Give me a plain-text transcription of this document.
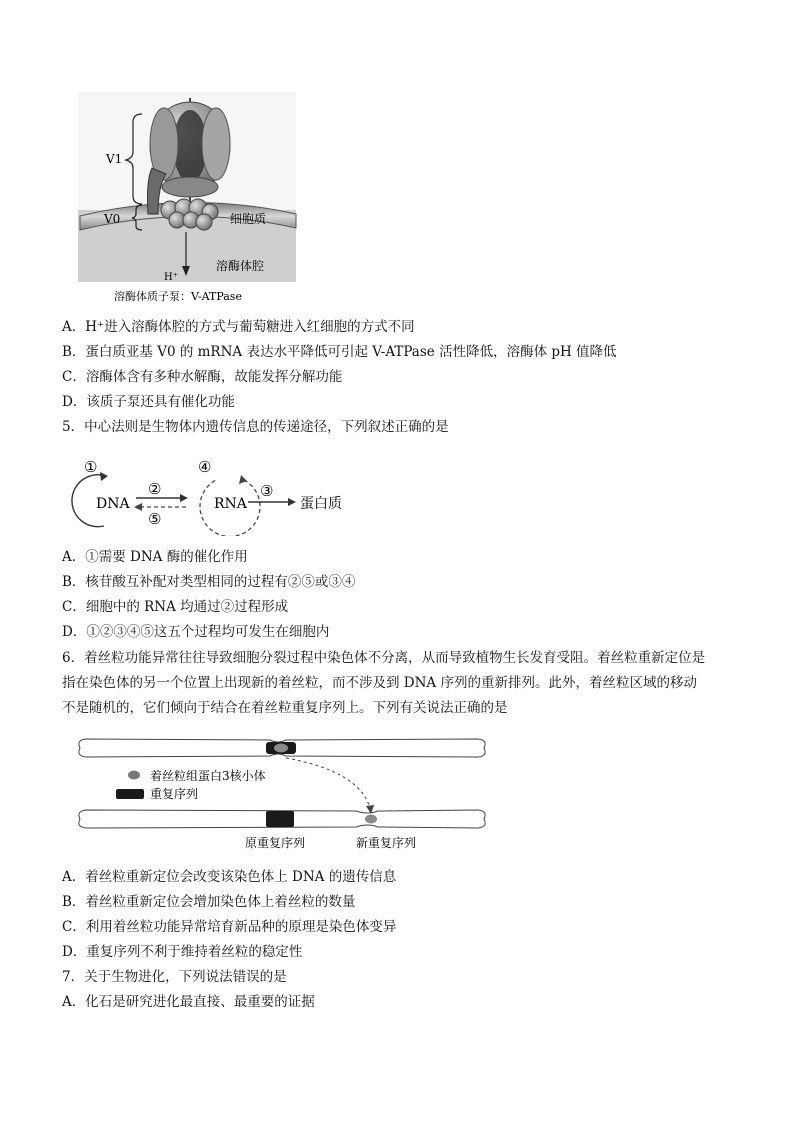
V1
V0	细胞质
溶酶体腔
H⁺
溶酶体质子泵：V-ATPase
A．H⁺进入溶酶体腔的方式与葡萄糖进入红细胞的方式不同
B．蛋白质亚基 V0 的 mRNA 表达水平降低可引起 V-ATPase 活性降低，溶酶体 pH 值降低
C．溶酶体含有多种水解酶，故能发挥分解功能
D．该质子泵还具有催化功能
5．中心法则是生物体内遗传信息的传递途径，下列叙述正确的是
①
②
⑤
④
③
DNA	RNA	蛋白质
A．①需要 DNA 酶的催化作用
B．核苷酸互补配对类型相同的过程有②⑤或③④
C．细胞中的 RNA 均通过②过程形成
D．①②③④⑤这五个过程均可发生在细胞内
6．着丝粒功能异常往往导致细胞分裂过程中染色体不分离，从而导致植物生长发育受阻。着丝粒重新定位是
指在染色体的另一个位置上出现新的着丝粒，而不涉及到 DNA 序列的重新排列。此外，着丝粒区域的移动
不是随机的，它们倾向于结合在着丝粒重复序列上。下列有关说法正确的是
着丝粒组蛋白3核小体
重复序列
原重复序列	新重复序列
A．着丝粒重新定位会改变该染色体上 DNA 的遗传信息
B．着丝粒重新定位会增加染色体上着丝粒的数量
C．利用着丝粒功能异常培育新品种的原理是染色体变异
D．重复序列不利于维持着丝粒的稳定性
7．关于生物进化，下列说法错误的是
A．化石是研究进化最直接、最重要的证据
